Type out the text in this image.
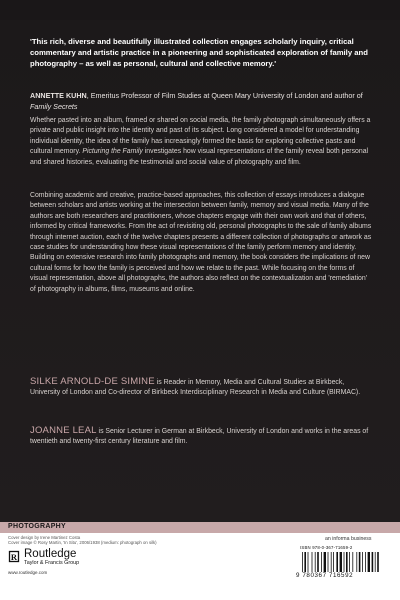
'This rich, diverse and beautifully illustrated collection engages scholarly inquiry, critical commentary and artistic practice in a pioneering and sophisticated exploration of family and photography – as well as personal, cultural and collective memory.'
ANNETTE KUHN, Emeritus Professor of Film Studies at Queen Mary University of London and author of Family Secrets
Whether pasted into an album, framed or shared on social media, the family photograph simultaneously offers a private and public insight into the identity and past of its subject. Long considered a model for understanding individual identity, the idea of the family has increasingly formed the basis for exploring collective pasts and cultural memory. Picturing the Family investigates how visual representations of the family reveal both personal and shared histories, evaluating the testimonial and social value of photography and film.
Combining academic and creative, practice-based approaches, this collection of essays introduces a dialogue between scholars and artists working at the intersection between family, memory and visual media. Many of the authors are both researchers and practitioners, whose chapters engage with their own work and that of others, informed by critical frameworks. From the act of revisiting old, personal photographs to the sale of family albums through internet auction, each of the twelve chapters presents a different collection of photographs or artwork as case studies for understanding how these visual representations of the family perform memory and identity. Building on extensive research into family photographs and memory, the book considers the implications of new cultural forms for how the family is perceived and how we relate to the past. While focusing on the forms of visual representation, above all photographs, the authors also reflect on the contextualization and 'remediation' of photography in albums, films, museums and online.
SILKE ARNOLD-DE SIMINE is Reader in Memory, Media and Cultural Studies at Birkbeck, University of London and Co-director of Birkbeck Interdisciplinary Research in Media and Culture (BIRMAC).
JOANNE LEAL is Senior Lecturer in German at Birkbeck, University of London and works in the areas of twentieth and twenty-first century literature and film.
PHOTOGRAPHY
Cover design by Irene Martinez Costa
Cover image © Rosy Martin, 'In Situ', 2006/1938 (medium: photograph on silk)
R Routledge
Taylor & Francis Group
www.routledge.com
an informa business
ISBN 978-0-367-71659-2
9 780367 716592
